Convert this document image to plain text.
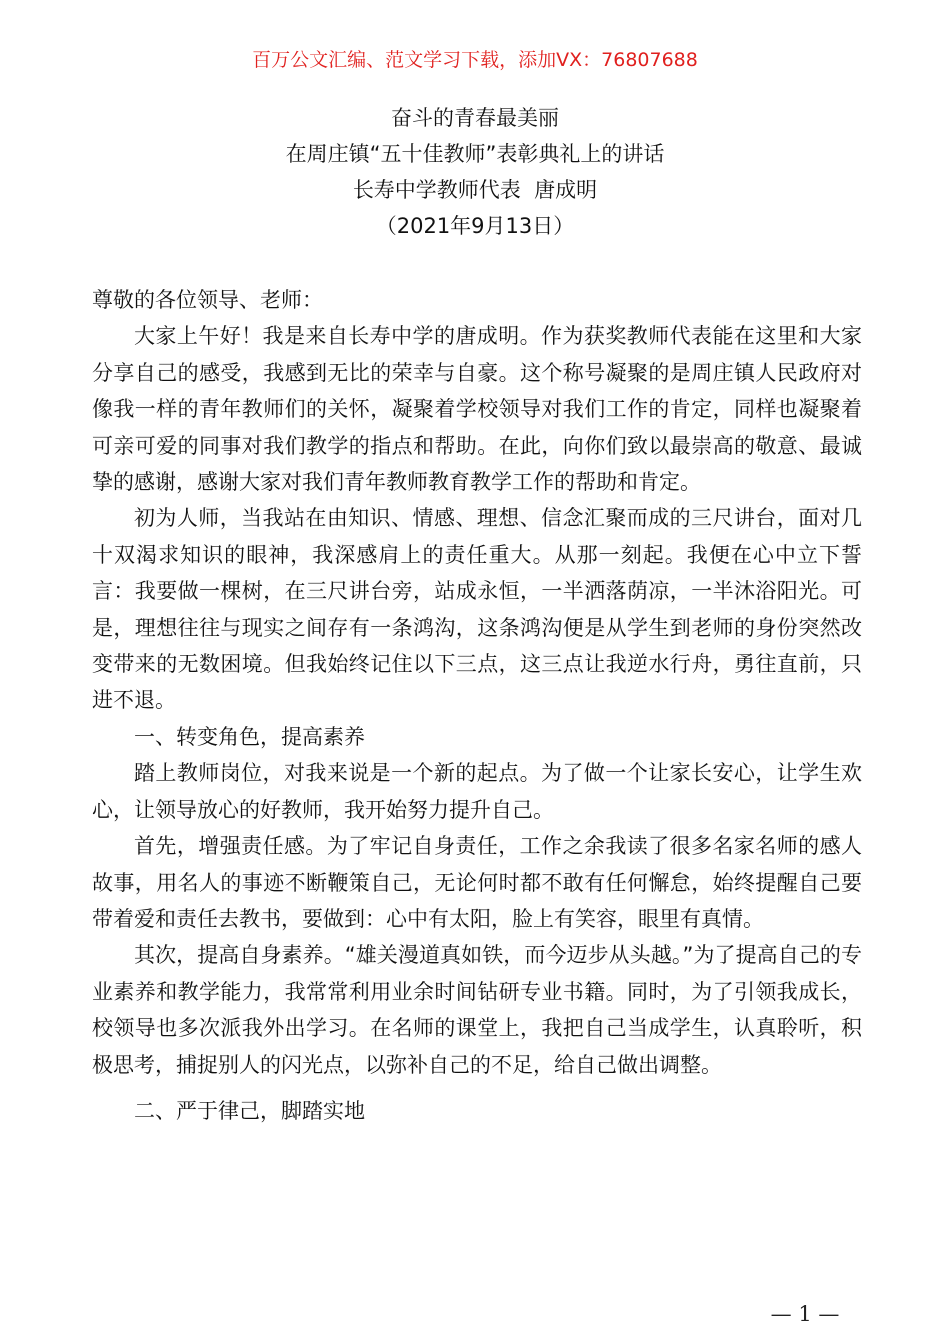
百万公文汇编、范文学习下载，添加VX：76807688
奋斗的青春最美丽
在周庄镇“五十佳教师”表彰典礼上的讲话
长寿中学教师代表  唐成明
（2021年9月13日）

尊敬的各位领导、老师：

大家上午好！我是来自长寿中学的唐成明。作为获奖教师代表能在这里和大家分享自己的感受，我感到无比的荣幸与自豪。这个称号凝聚的是周庄镇人民政府对像我一样的青年教师们的关怀，凝聚着学校领导对我们工作的肯定，同样也凝聚着可亲可爱的同事对我们教学的指点和帮助。在此，向你们致以最崇高的敬意、最诚挚的感谢，感谢大家对我们青年教师教育教学工作的帮助和肯定。

初为人师，当我站在由知识、情感、理想、信念汇聚而成的三尺讲台，面对几十双渴求知识的眼神，我深感肩上的责任重大。从那一刻起。我便在心中立下誓言：我要做一棵树，在三尺讲台旁，站成永恒，一半洒落荫凉，一半沐浴阳光。可是，理想往往与现实之间存有一条鸿沟，这条鸿沟便是从学生到老师的身份突然改变带来的无数困境。但我始终记住以下三点，这三点让我逆水行舟，勇往直前，只进不退。

一、转变角色，提高素养

踏上教师岗位，对我来说是一个新的起点。为了做一个让家长安心，让学生欢心，让领导放心的好教师，我开始努力提升自己。

首先，增强责任感。为了牢记自身责任，工作之余我读了很多名家名师的感人故事，用名人的事迹不断鞭策自己，无论何时都不敢有任何懈怠，始终提醒自己要带着爱和责任去教书，要做到：心中有太阳，脸上有笑容，眼里有真情。

其次，提高自身素养。“雄关漫道真如铁，而今迈步从头越。”为了提高自己的专业素养和教学能力，我常常利用业余时间钻研专业书籍。同时，为了引领我成长，校领导也多次派我外出学习。在名师的课堂上，我把自己当成学生，认真聆听，积极思考，捕捉别人的闪光点，以弥补自己的不足，给自己做出调整。

二、严于律己，脚踏实地

— 1 —
